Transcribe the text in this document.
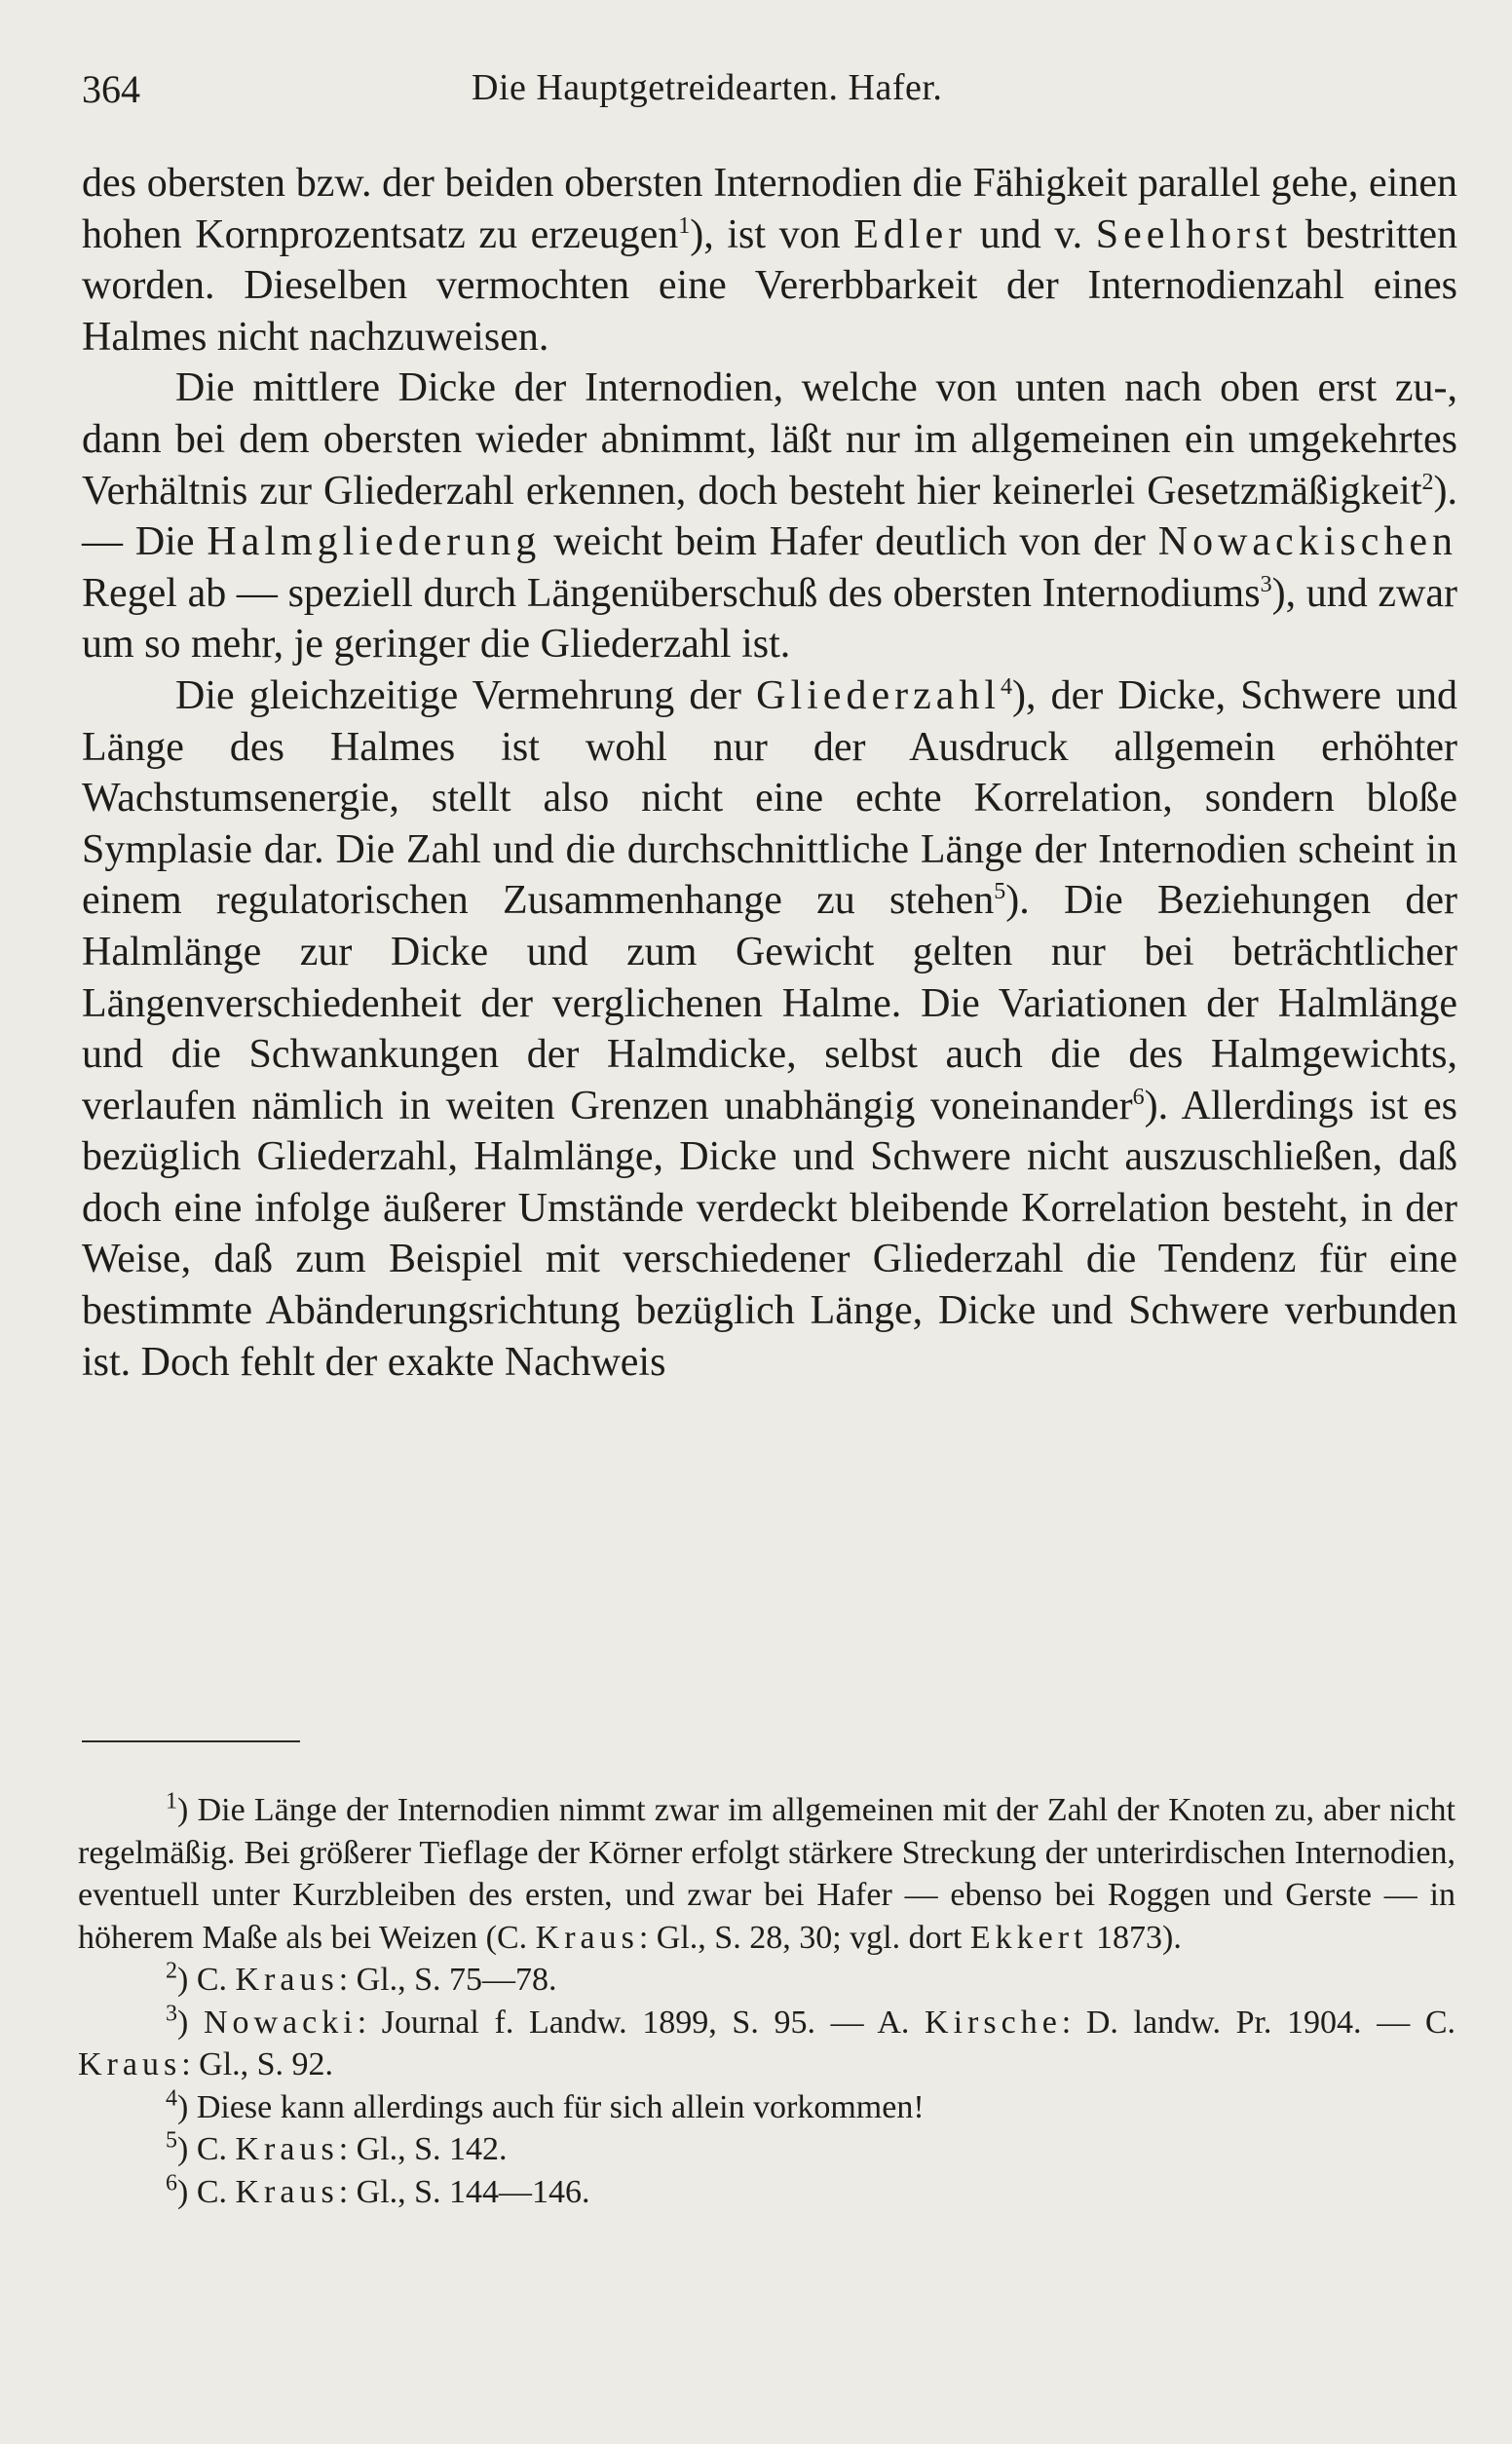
364	Die Hauptgetreidearten. Hafer.

des obersten bzw. der beiden obersten Internodien die Fähigkeit parallel gehe, einen hohen Kornprozentsatz zu erzeugen$^1$), ist von Edler und v. Seelhorst bestritten worden. Dieselben vermochten eine Vererbbarkeit der Internodienzahl eines Halmes nicht nachzuweisen.

Die mittlere Dicke der Internodien, welche von unten nach oben erst zu-, dann bei dem obersten wieder abnimmt, läßt nur im allgemeinen ein umgekehrtes Verhältnis zur Gliederzahl erkennen, doch besteht hier keinerlei Gesetzmäßigkeit$^2$). — Die Halmgliederung weicht beim Hafer deutlich von der Nowackischen Regel ab — speziell durch Längenüberschuß des obersten Internodiums$^3$), und zwar um so mehr, je geringer die Gliederzahl ist.

Die gleichzeitige Vermehrung der Gliederzahl$^4$), der Dicke, Schwere und Länge des Halmes ist wohl nur der Ausdruck allgemein erhöhter Wachstumsenergie, stellt also nicht eine echte Korrelation, sondern bloße Symplasie dar. Die Zahl und die durchschnittliche Länge der Internodien scheint in einem regulatorischen Zusammenhange zu stehen$^5$). Die Beziehungen der Halmlänge zur Dicke und zum Gewicht gelten nur bei beträchtlicher Längenverschiedenheit der verglichenen Halme. Die Variationen der Halmlänge und die Schwankungen der Halmdicke, selbst auch die des Halmgewichts, verlaufen nämlich in weiten Grenzen unabhängig voneinander$^6$). Allerdings ist es bezüglich Gliederzahl, Halmlänge, Dicke und Schwere nicht auszuschließen, daß doch eine infolge äußerer Umstände verdeckt bleibende Korrelation besteht, in der Weise, daß zum Beispiel mit verschiedener Gliederzahl die Tendenz für eine bestimmte Abänderungsrichtung bezüglich Länge, Dicke und Schwere verbunden ist. Doch fehlt der exakte Nachweis

$^1$) Die Länge der Internodien nimmt zwar im allgemeinen mit der Zahl der Knoten zu, aber nicht regelmäßig. Bei größerer Tieflage der Körner erfolgt stärkere Streckung der unterirdischen Internodien, eventuell unter Kurzbleiben des ersten, und zwar bei Hafer — ebenso bei Roggen und Gerste — in höherem Maße als bei Weizen (C. Kraus: Gl., S. 28, 30; vgl. dort Ekkert 1873).

$^2$) C. Kraus: Gl., S. 75—78.

$^3$) Nowacki: Journal f. Landw. 1899, S. 95. — A. Kirsche: D. landw. Pr. 1904. — C. Kraus: Gl., S. 92.

$^4$) Diese kann allerdings auch für sich allein vorkommen!

$^5$) C. Kraus: Gl., S. 142.

$^6$) C. Kraus: Gl., S. 144—146.
